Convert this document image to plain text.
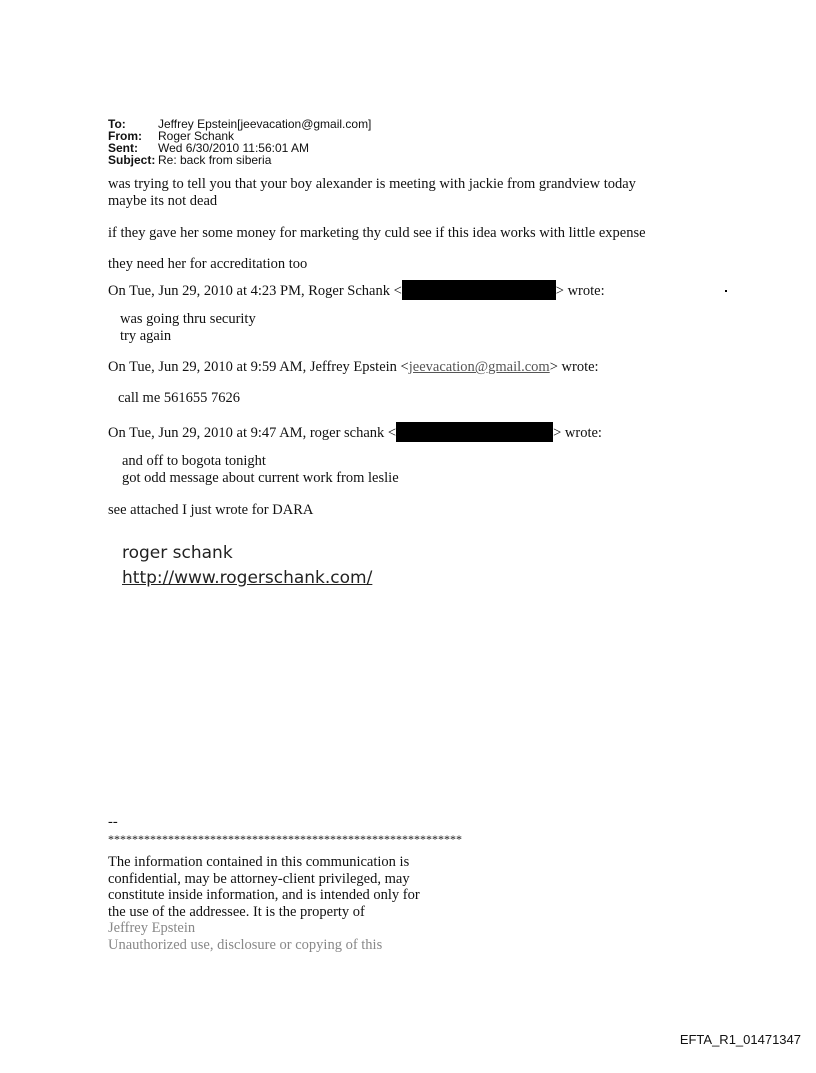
To:	Jeffrey Epstein[jeevacation@gmail.com]
From: Roger Schank
Sent: Wed 6/30/2010 11:56:01 AM
Subject: Re: back from siberia
was trying to tell you that your boy alexander is meeting with jackie from grandview today
maybe its not dead
if they gave her some money for marketing thy culd see if this idea works with little expense
they need her for accreditation too
On Tue, Jun 29, 2010 at 4:23 PM, Roger Schank <	> wrote:
was going thru security
try again
On Tue, Jun 29, 2010 at 9:59 AM, Jeffrey Epstein <jeevacation@gmail.com> wrote:
call me 561655 7626
On Tue, Jun 29, 2010 at 9:47 AM, roger schank <	> wrote:
and off to bogota tonight
got odd message about current work from leslie
see attached I just wrote for DARA
roger schank
http://www.rogerschank.com/
--
***********************************************************
The information contained in this communication is
confidential, may be attorney-client privileged, may
constitute inside information, and is intended only for
the use of the addressee. It is the property of
Jeffrey Epstein
Unauthorized use, disclosure or copying of this
EFTA_R1_01471347
